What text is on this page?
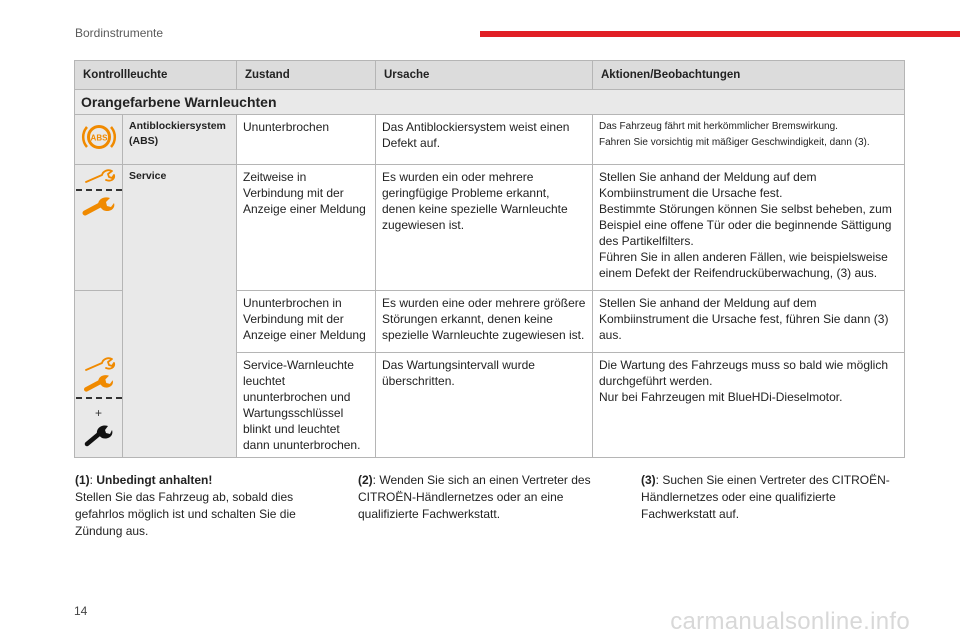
Bordinstrumente
Kontrollleuchte		Zustand	Ursache	Aktionen/Beobachtungen
Orangefarbene Warnleuchten				

ABS	Antiblockiersystem (ABS)	Ununterbrochen	Das Antiblockiersystem weist einen Defekt auf.	Das Fahrzeug fährt mit herkömmlicher Bremswirkung.
Fahren Sie vorsichtig mit mäßiger Geschwindigkeit, dann (3).

Service	Zeitweise in Verbindung mit der Anzeige einer Meldung	Es wurden ein oder mehrere geringfügige Probleme erkannt, denen keine spezielle Warnleuchte zugewiesen ist.	Stellen Sie anhand der Meldung auf dem Kombiinstrument die Ursache fest.
Bestimmte Störungen können Sie selbst beheben, zum Beispiel eine offene Tür oder die beginnende Sättigung des Partikelfilters.
Führen Sie in allen anderen Fällen, wie beispielsweise einem Defekt der Reifendrucküberwachung, (3) aus.

		Ununterbrochen in Verbindung mit der Anzeige einer Meldung	Es wurden eine oder mehrere größere Störungen erkannt, denen keine spezielle Warnleuchte zugewiesen ist.	Stellen Sie anhand der Meldung auf dem Kombiinstrument die Ursache fest, führen Sie dann (3) aus.

+		Service-Warnleuchte leuchtet ununterbrochen und Wartungsschlüssel blinkt und leuchtet dann ununterbrochen.	Das Wartungsintervall wurde überschritten.	Die Wartung des Fahrzeugs muss so bald wie möglich durchgeführt werden.
Nur bei Fahrzeugen mit BlueHDi-Dieselmotor.
(1): Unbedingt anhalten!
Stellen Sie das Fahrzeug ab, sobald dies gefahrlos möglich ist und schalten Sie die Zündung aus.
(2): Wenden Sie sich an einen Vertreter des CITROËN-Händlernetzes oder an eine qualifizierte Fachwerkstatt.
(3): Suchen Sie einen Vertreter des CITROËN-Händlernetzes oder eine qualifizierte Fachwerkstatt auf.
14	carmanualsonline.info
